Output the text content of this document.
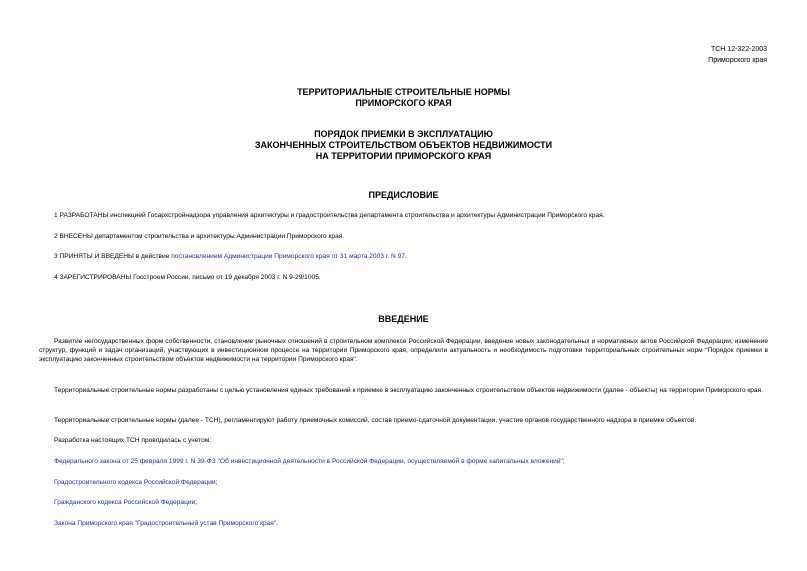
ТСН 12-322-2003
Приморского края
ТЕРРИТОРИАЛЬНЫЕ СТРОИТЕЛЬНЫЕ НОРМЫ
ПРИМОРСКОГО КРАЯ
ПОРЯДОК ПРИЕМКИ В ЭКСПЛУАТАЦИЮ
ЗАКОНЧЕННЫХ СТРОИТЕЛЬСТВОМ ОБЪЕКТОВ НЕДВИЖИМОСТИ
НА ТЕРРИТОРИИ ПРИМОРСКОГО КРАЯ
ПРЕДИСЛОВИЕ
1 РАЗРАБОТАНЫ инспекцией Госархстройнадзора управления архитектуры и градостроительства департамента строительства и архитектуры Администрации Приморского края.
2 ВНЕСЕНЫ департаментом строительства и архитектуры Администрации Приморского края.
3 ПРИНЯТЫ И ВВЕДЕНЫ в действие постановлением Администрации Приморского края от 31 марта 2003 г. N 97.
4 ЗАРЕГИСТРИРОВАНЫ Госстроем России, письмо от 19 декабря 2003 г. N 9-29/1005.
ВВЕДЕНИЕ
Развитие негосударственных форм собственности, становление рыночных отношений в строительном комплексе Российской Федерации, введение новых законодательных и нормативных актов Российской Федерации, изменение структур, функций и задач организаций, участвующих в инвестиционном процессе на территории Приморского края, определили актуальность и необходимость подготовки территориальных строительных норм "Порядок приемки в эксплуатацию законченных строительством объектов недвижимости на территории Приморского края".
Территориальные строительные нормы разработаны с целью установления единых требований к приемке в эксплуатацию законченных строительством объектов недвижимости (далее - объекты) на территории Приморского края.
Территориальные строительные нормы (далее - ТСН), регламентируют работу приемочных комиссий, состав приемо-сдаточной документации, участие органов государственного надзора в приемке объектов.
Разработка настоящих ТСН проводилась с учетом:
Федерального закона от 25 февраля 1999 г. N 39-ФЗ "Об инвестиционной деятельности в Российской Федерации, осуществляемой в форме капитальных вложений";
Градостроительного кодекса Российской Федерации;
Гражданского кодекса Российской Федерации;
Закона Приморского края "Градостроительный устав Приморского края".
